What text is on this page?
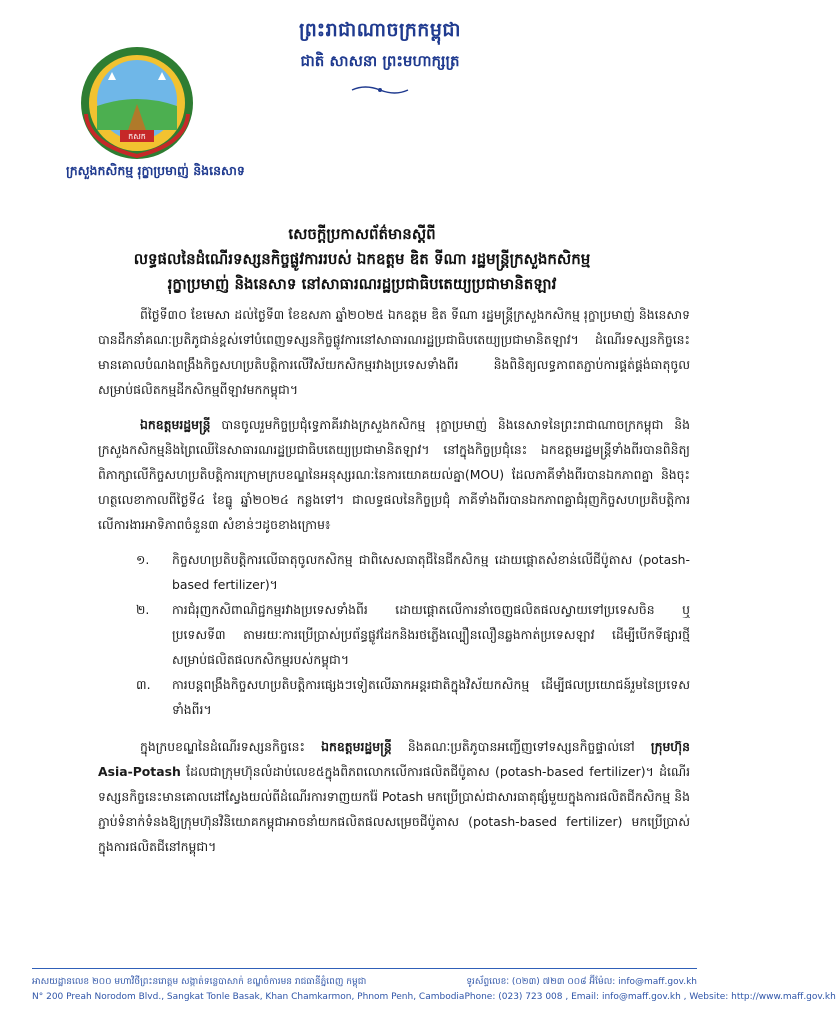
ព្រះរាជាណាចក្រកម្ពុជា
ជាតិ សាសនា ព្រះមហាក្សត្រ
កសក
ក្រសួងកសិកម្ម រុក្ខាប្រមាញ់ និងនេសាទ
សេចក្តីប្រកាសព័ត៌មានស្តីពី
លទ្ធផលនៃដំណើរទស្សនកិច្ចផ្លូវការរបស់ ឯកឧត្តម ឌិត ទីណា រដ្ឋមន្ត្រីក្រសួងកសិកម្ម
រុក្ខាប្រមាញ់ និងនេសាទ នៅសាធារណរដ្ឋប្រជាធិបតេយ្យប្រជាមានិតឡាវ

ពីថ្ងៃទី៣០ ខែមេសា ដល់ថ្ងៃទី៣ ខែឧសភា ឆ្នាំ២០២៥ ឯកឧត្តម ឌិត ទីណា រដ្ឋមន្ត្រីក្រសួងកសិកម្ម រុក្ខាប្រមាញ់ និងនេសាទ បានដឹកនាំគណៈប្រតិភូជាន់ខ្ពស់ទៅបំពេញទស្សនកិច្ចផ្លូវការនៅសាធារណរដ្ឋប្រជាធិបតេយ្យប្រជាមានិតឡាវ។ ដំណើរទស្សនកិច្ចនេះមានគោលបំណងពង្រឹងកិច្ចសហប្រតិបត្តិការលើវិស័យកសិកម្មរវាងប្រទេសទាំងពីរ និងពិនិត្យលទ្ធភាពតភ្ជាប់ការផ្គត់ផ្គង់ធាតុចូលសម្រាប់ផលិតកម្មដីកសិកម្មពីឡាវមកកម្ពុជា។

ឯកឧត្តមរដ្ឋមន្ត្រី បានចូលរួមកិច្ចប្រជុំទ្វេភាគីរវាងក្រសួងកសិកម្ម រុក្ខាប្រមាញ់ និងនេសាទនៃព្រះរាជាណាចក្រកម្ពុជា និងក្រសួងកសិកម្មនិងព្រៃឈើនៃសាធារណរដ្ឋប្រជាធិបតេយ្យប្រជាមានិតឡាវ។ នៅក្នុងកិច្ចប្រជុំនេះ ឯកឧត្តមរដ្ឋមន្ត្រីទាំងពីរបានពិនិត្យពិភាក្សាលើកិច្ចសហប្រតិបត្តិការក្រោមក្របខណ្ឌនៃអនុស្សរណៈនៃការយោគយល់គ្នា(MOU) ដែលភាគីទាំងពីរបានឯកភាពគ្នា និងចុះហត្ថលេខាកាលពីថ្ងៃទី៤ ខែធ្នូ ឆ្នាំ២០២៤ កន្លងទៅ។ ជាលទ្ធផលនៃកិច្ចប្រជុំ ភាគីទាំងពីរបានឯកភាពគ្នាជំរុញកិច្ចសហប្រតិបត្តិការលើការងារអាទិភាពចំនួន៣ សំខាន់ៗដូចខាងក្រោម៖

១.	កិច្ចសហប្រតិបត្តិការលើធាតុចូលកសិកម្ម ជាពិសេសធាតុជីនៃជីកសិកម្ម ដោយផ្តោតសំខាន់លើជីប៉ូតាស (potash-based fertilizer)។
២.	ការជំរុញកសិពាណិជ្ជកម្មរវាងប្រទេសទាំងពីរ ដោយផ្តោតលើការនាំចេញផលិតផលស្វាយទៅប្រទេសចិន ឬប្រទេសទី៣ តាមរយៈការប្រើប្រាស់ប្រព័ន្ធផ្លូវដែកនិងរថភ្លើងល្បឿនលឿនឆ្លងកាត់ប្រទេសឡាវ ដើម្បីបើកទីផ្សារថ្មីសម្រាប់ផលិតផលកសិកម្មរបស់កម្ពុជា។
៣.	ការបន្តពង្រឹងកិច្ចសហប្រតិបត្តិការផ្សេងៗទៀតលើឆាកអន្តរជាតិក្នុងវិស័យកសិកម្ម ដើម្បីផលប្រយោជន៍រួមនៃប្រទេសទាំងពីរ។

ក្នុងក្របខណ្ឌនៃដំណើរទស្សនកិច្ចនេះ ឯកឧត្តមរដ្ឋមន្ត្រី និងគណៈប្រតិភូបានអញ្ជើញទៅទស្សនកិច្ចផ្ទាល់នៅ ក្រុមហ៊ុន Asia-Potash ដែលជាក្រុមហ៊ុនលំដាប់លេខ៥ក្នុងពិភពលោកលើការផលិតជីប៉ូតាស (potash-based fertilizer)។ ដំណើរទស្សនកិច្ចនេះមានគោលដៅស្វែងយល់ពីដំណើរការទាញយករ៉ែ Potash មកប្រើប្រាស់ជាសារធាតុផ្សំមួយក្នុងការផលិតជីកសិកម្ម និងភ្ជាប់ទំនាក់ទំនងឱ្យក្រុមហ៊ុនវិនិយោគកម្ពុជាអាចនាំយកផលិតផលសម្រេចជីប៉ូតាស (potash-based fertilizer) មកប្រើប្រាស់ក្នុងការផលិតជីនៅកម្ពុជា។

អាសយដ្ឋានលេខ ២០០ មហាវិថីព្រះនរោត្តម សង្កាត់ទន្លេបាសាក់ ខណ្ឌចំការមន រាជធានីភ្នំពេញ កម្ពុជា	ទូរស័ព្ទលេខៈ (០២៣) ៧២៣ ០០៨ អ៊ីម៉ែល: info@maff.gov.kh
N° 200 Preah Norodom Blvd., Sangkat Tonle Basak, Khan Chamkarmon, Phnom Penh, Cambodia Phone: (023) 723 008 , Email: info@maff.gov.kh , Website: http://www.maff.gov.kh
